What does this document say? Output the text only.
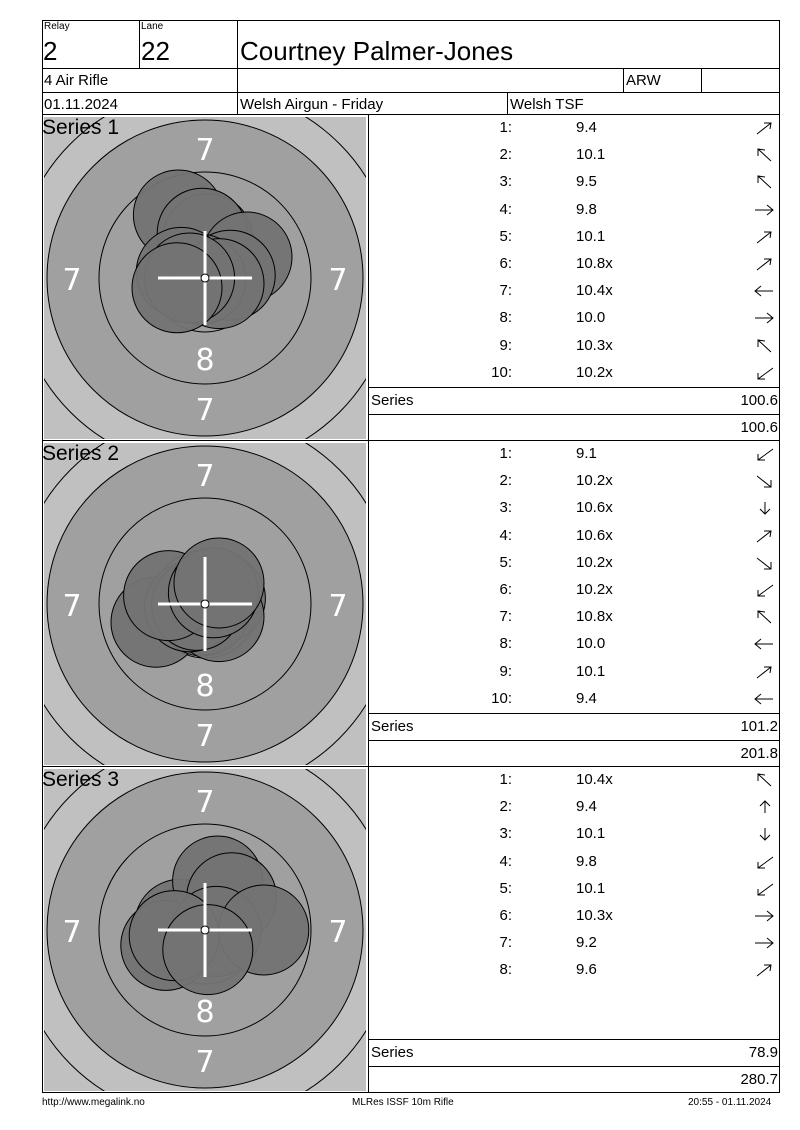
Relay
2
Lane
22	Courtney Palmer-Jones
4 Air Rifle	ARW
01.11.2024	Welsh Airgun - Friday	Welsh TSF
7
7
7	7
8
Series 1	1:	9.4
2:	10.1
3:	9.5
4:	9.8
5:	10.1
6:	10.8x
7:	10.4x
8:	10.0
9:	10.3x
10:	10.2x
Series	100.6
100.6
7
7
7	7
8
Series 2	1:	9.1
2:	10.2x
3:	10.6x
4:	10.6x
5:	10.2x
6:	10.2x
7:	10.8x
8:	10.0
9:	10.1
10:	9.4
Series	101.2
201.8
7
7
7	7
8
Series 3	1:	10.4x
2:	9.4
3:	10.1
4:	9.8
5:	10.1
6:	10.3x
7:	9.2
8:	9.6
Series	78.9
280.7
http://www.megalink.no	MLRes ISSF 10m Rifle	20:55 - 01.11.2024
